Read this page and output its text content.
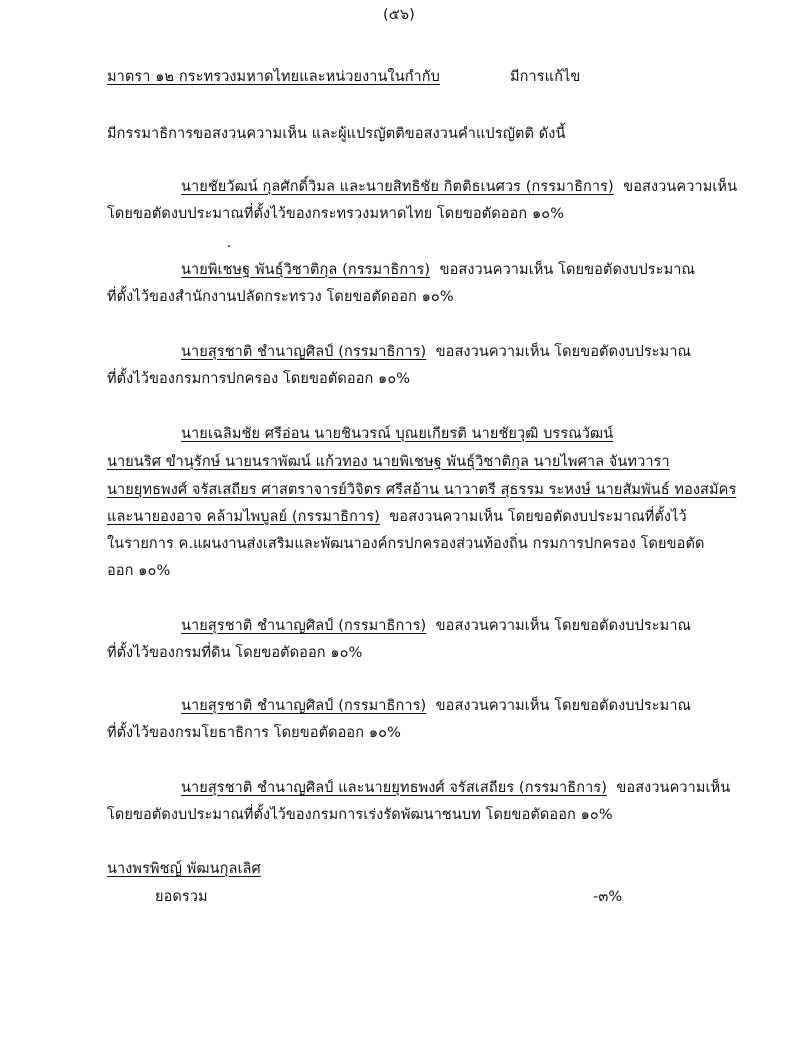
(๕๖)
มาตรา ๑๒ กระทรวงมหาดไทยและหน่วยงานในกำกับ	มีการแก้ไข
มีกรรมาธิการขอสงวนความเห็น และผู้แปรญัตติขอสงวนคำแปรญัตติ ดังนี้
นายชัยวัฒน์ กุลศักดิ์วิมล และนายสิทธิชัย กิตติธเนศวร (กรรมาธิการ) ขอสงวนความเห็น
โดยขอตัดงบประมาณที่ตั้งไว้ของกระทรวงมหาดไทย โดยขอตัดออก ๑๐%
นายพิเชษฐ พันธุ์วิชาติกุล (กรรมาธิการ) ขอสงวนความเห็น โดยขอตัดงบประมาณ
ที่ตั้งไว้ของสำนักงานปลัดกระทรวง โดยขอตัดออก ๑๐%
นายสุรชาติ ชำนาญศิลป์ (กรรมาธิการ) ขอสงวนความเห็น โดยขอตัดงบประมาณ
ที่ตั้งไว้ของกรมการปกครอง โดยขอตัดออก ๑๐%
นายเฉลิมชัย ศรีอ่อน นายชินวรณ์ บุณยเกียรติ นายชัยวุฒิ บรรณวัฒน์
นายนริศ ขำนุรักษ์ นายนราพัฒน์ แก้วทอง นายพิเชษฐ พันธุ์วิชาติกุล นายไพศาล จันทวารา
นายยุทธพงศ์ จรัสเสถียร ศาสตราจารย์วิจิตร ศรีสอ้าน นาวาตรี สุธรรม ระหงษ์ นายสัมพันธ์ ทองสมัคร
และนายองอาจ คล้ามไพบูลย์ (กรรมาธิการ) ขอสงวนความเห็น โดยขอตัดงบประมาณที่ตั้งไว้
ในรายการ ค.แผนงานส่งเสริมและพัฒนาองค์กรปกครองส่วนท้องถิ่น กรมการปกครอง โดยขอตัด
ออก ๑๐%
นายสุรชาติ ชำนาญศิลป์ (กรรมาธิการ) ขอสงวนความเห็น โดยขอตัดงบประมาณ
ที่ตั้งไว้ของกรมที่ดิน โดยขอตัดออก ๑๐%
นายสุรชาติ ชำนาญศิลป์ (กรรมาธิการ) ขอสงวนความเห็น โดยขอตัดงบประมาณ
ที่ตั้งไว้ของกรมโยธาธิการ โดยขอตัดออก ๑๐%
นายสุรชาติ ชำนาญศิลป์ และนายยุทธพงศ์ จรัสเสถียร (กรรมาธิการ) ขอสงวนความเห็น
โดยขอตัดงบประมาณที่ตั้งไว้ของกรมการเร่งรัดพัฒนาชนบท โดยขอตัดออก ๑๐%
นางพรพิชญ์ พัฒนกุลเลิศ
ยอดรวม	-๓%
